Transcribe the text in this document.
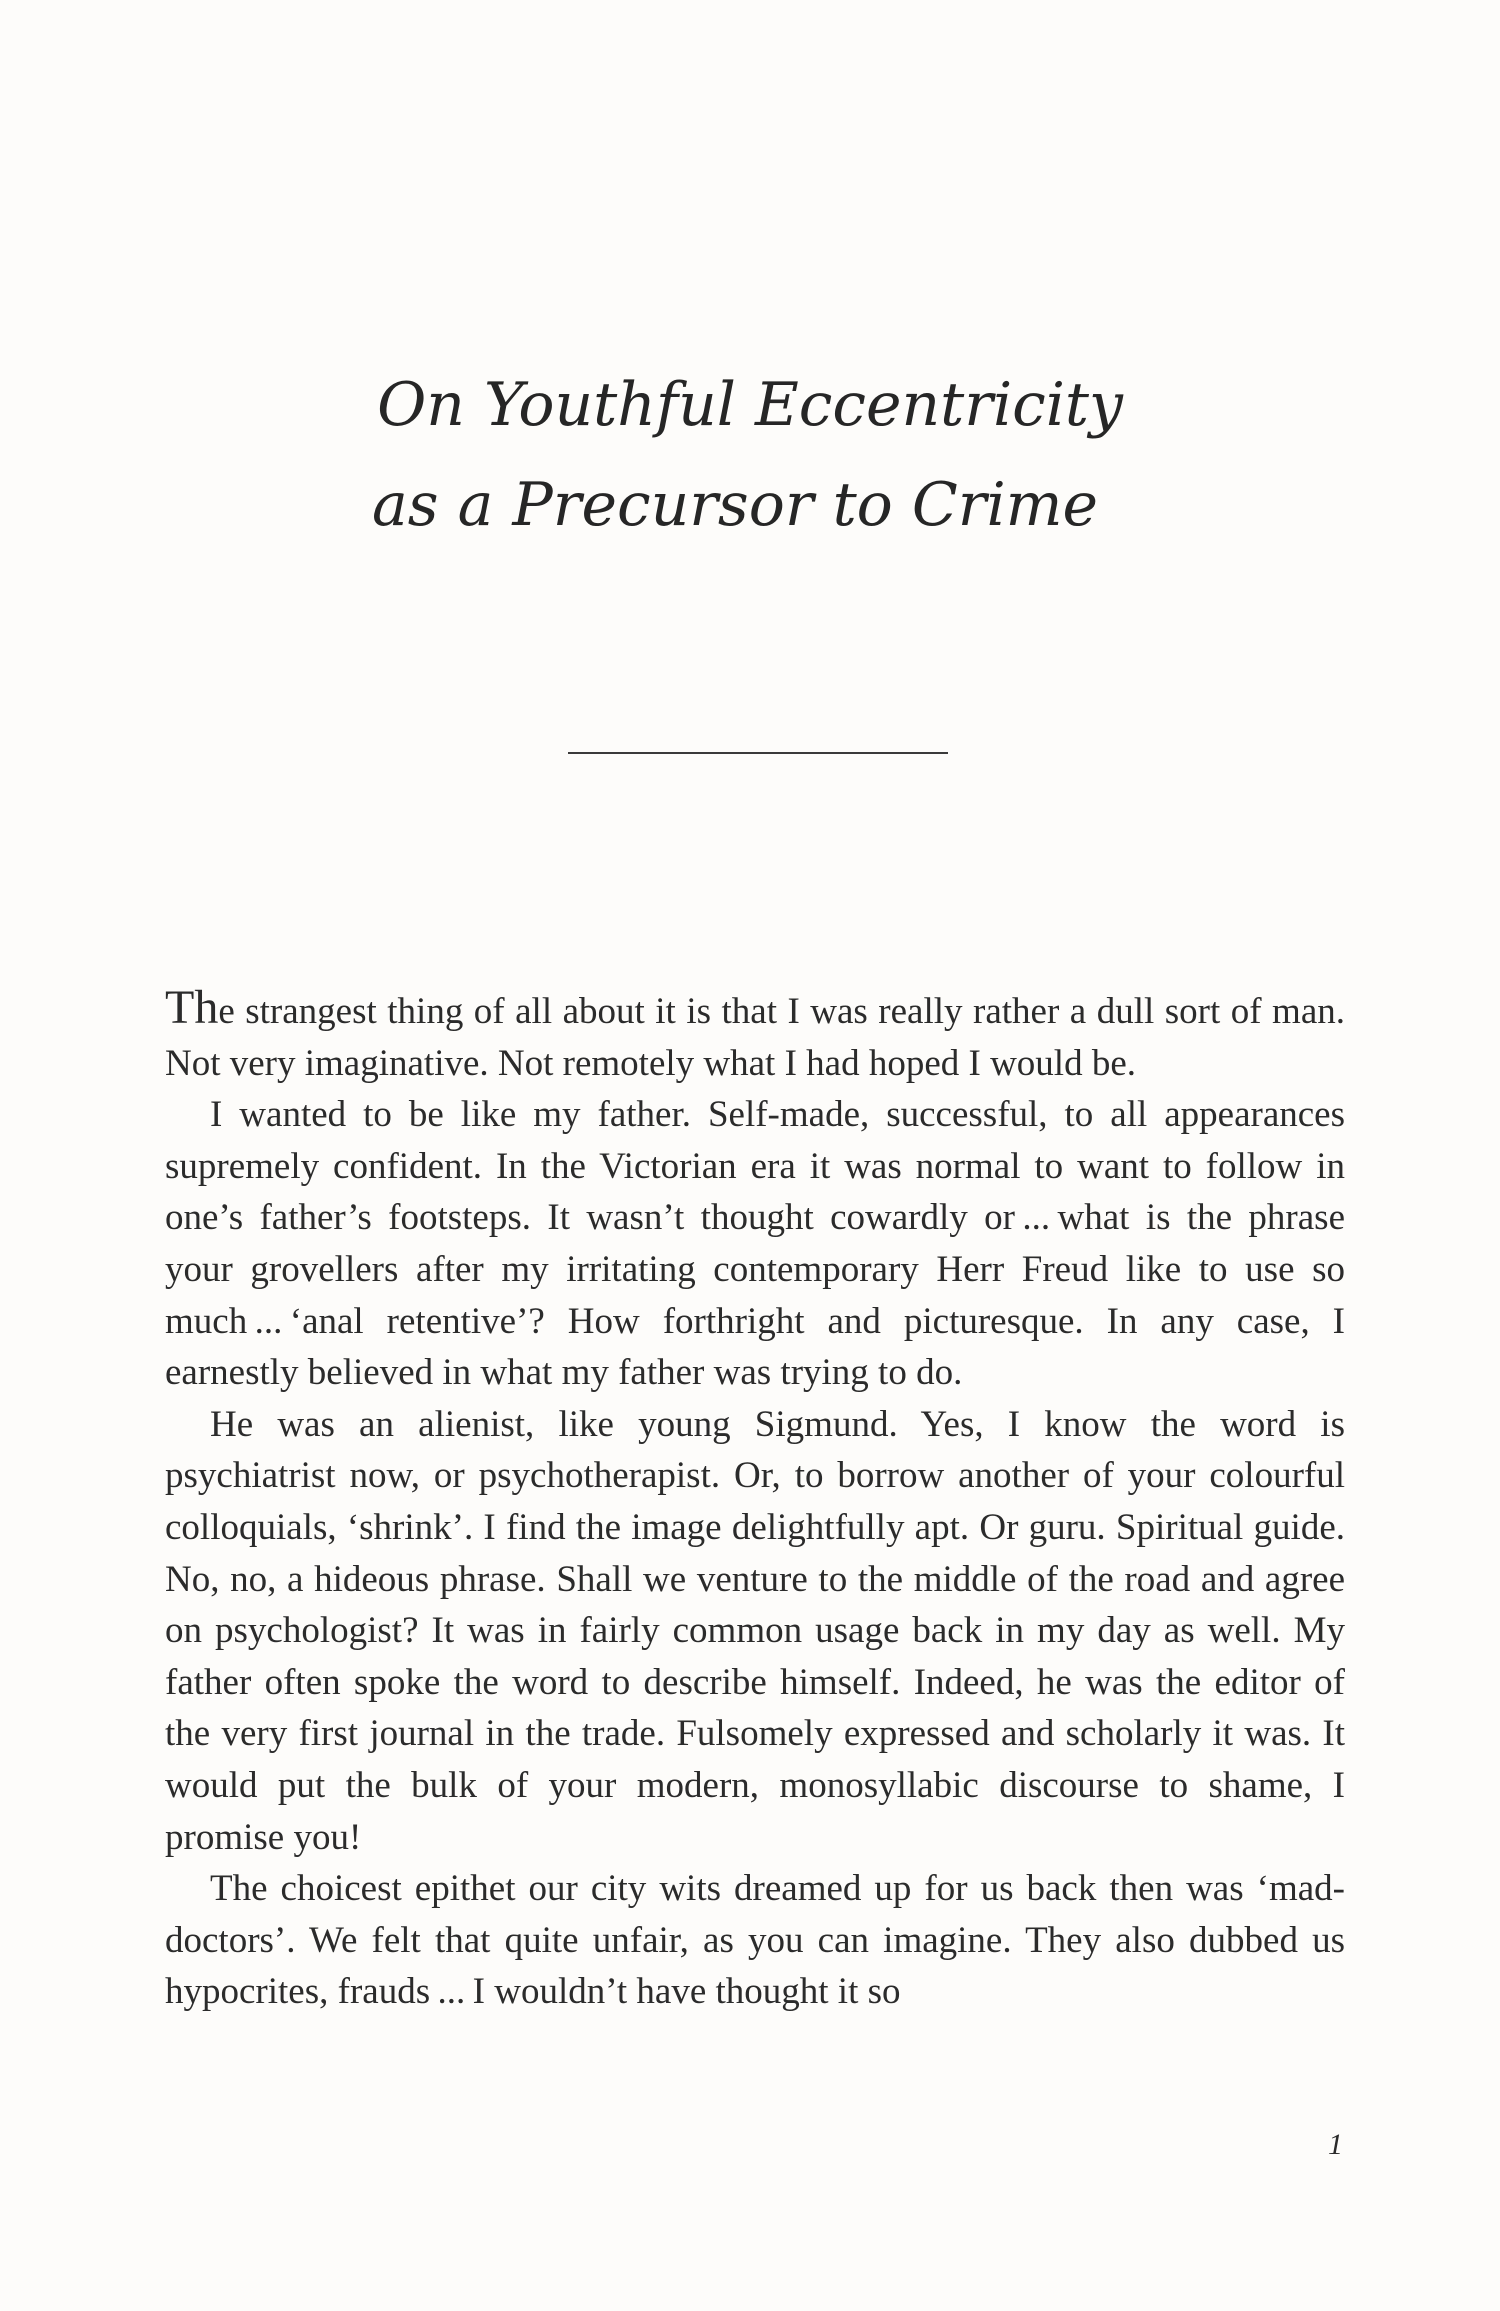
On Youthful Eccentricity
as a Precursor to Crime

The strangest thing of all about it is that I was really rather a dull sort of man. Not very imaginative. Not remotely what I had hoped I would be.

I wanted to be like my father. Self-made, successful, to all appearances supremely confident. In the Victorian era it was normal to want to follow in one’s father’s footsteps. It wasn’t thought cowardly or ... what is the phrase your grovellers after my irritating contemporary Herr Freud like to use so much ... ‘anal retentive’? How forthright and picturesque. In any case, I earnestly believed in what my father was trying to do.

He was an alienist, like young Sigmund. Yes, I know the word is psychiatrist now, or psychotherapist. Or, to borrow another of your colourful colloquials, ‘shrink’. I find the image delightfully apt. Or guru. Spiritual guide. No, no, a hideous phrase. Shall we venture to the middle of the road and agree on psychologist? It was in fairly common usage back in my day as well. My father often spoke the word to describe himself. Indeed, he was the editor of the very first journal in the trade. Fulsomely expressed and scholarly it was. It would put the bulk of your modern, monosyllabic discourse to shame, I promise you!

The choicest epithet our city wits dreamed up for us back then was ‘mad-doctors’. We felt that quite unfair, as you can imagine. They also dubbed us hypocrites, frauds ... I wouldn’t have thought it so

1
